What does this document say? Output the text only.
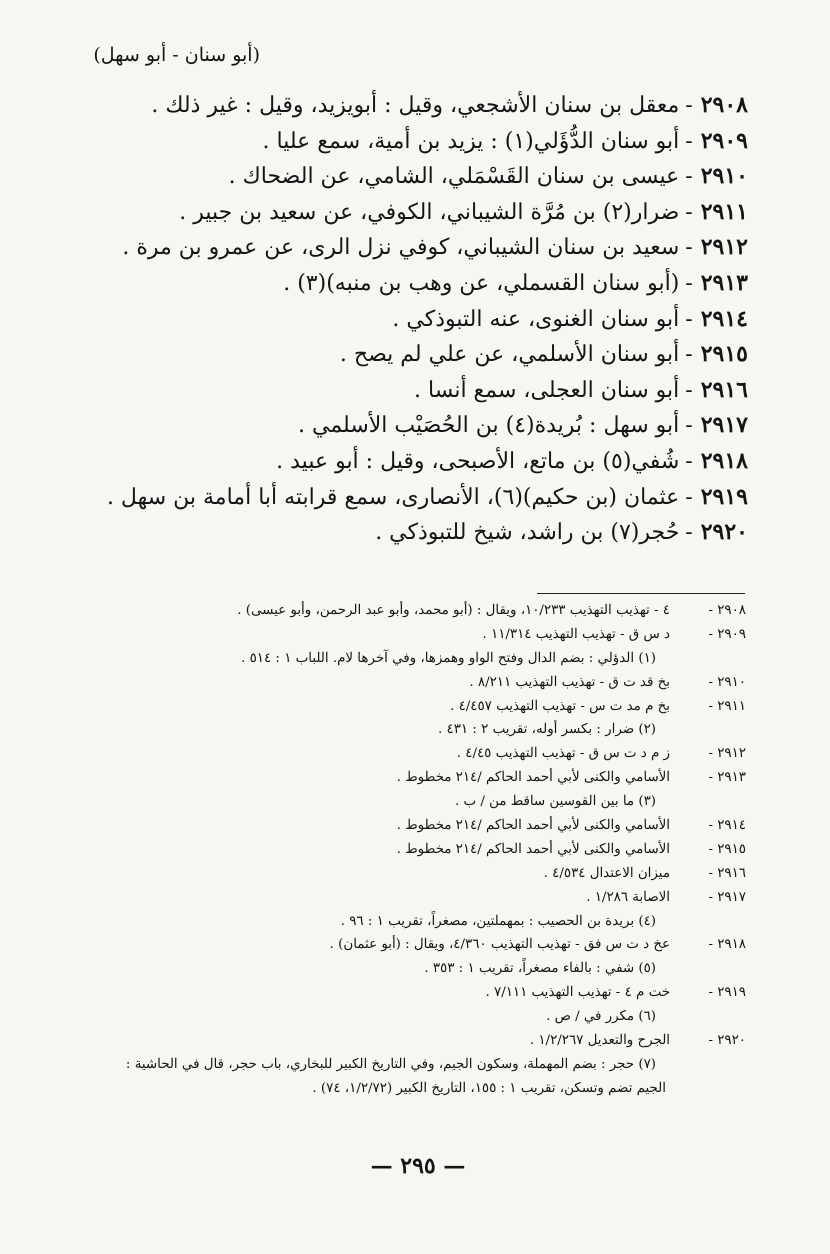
(أبو سنان - أبو سهل)
٢٩٠٨-معقل بن سنان الأشجعي، وقيل : أبويزيد، وقيل : غير ذلك .
٢٩٠٩-أبو سنان الدُّؤَلي(١) : يزيد بن أمية، سمع عليا .
٢٩١٠-عيسى بن سنان القَسْمَلي، الشامي، عن الضحاك .
٢٩١١-ضرار(٢) بن مُرَّة الشيباني، الكوفي، عن سعيد بن جبير .
٢٩١٢-سعيد بن سنان الشيباني، كوفي نزل الرى، عن عمرو بن مرة .
٢٩١٣-(أبو سنان القسملي، عن وهب بن منبه)(٣) .
٢٩١٤-أبو سنان الغنوى، عنه التبوذكي .
٢٩١٥-أبو سنان الأسلمي، عن علي لم يصح .
٢٩١٦-أبو سنان العجلى، سمع أنسا .
٢٩١٧-أبو سهل : بُريدة(٤) بن الحُصَيْب الأسلمي .
٢٩١٨-شُفي(٥) بن ماتع، الأصبحى، وقيل : أبو عبيد .
٢٩١٩-عثمان (بن حكيم)(٦)، الأنصارى، سمع قرابته أبا أمامة بن سهل .
٢٩٢٠-حُجر(٧) بن راشد، شيخ للتبوذكي .
٢٩٠٨ -
٤ - تهذيب التهذيب ١٠/٢٣٣، ويقال : (أبو محمد، وأبو عبد الرحمن، وأبو عيسى) .
٢٩٠٩ -
د س ق - تهذيب التهذيب ١١/٣١٤ .
(١) الدؤلي : بضم الدال وفتح الواو وهمزها، وفي آخرها لام. اللباب ١ : ٥١٤ .
٢٩١٠ -
بخ قد ت ق - تهذيب التهذيب ٨/٢١١ .
٢٩١١ -
بخ م مد ت س - تهذيب التهذيب ٤/٤٥٧ .
(٢) ضرار : بكسر أوله، تقريب ٢ : ٤٣١ .
٢٩١٢ -
ز م د ت س ق - تهذيب التهذيب ٤/٤٥ .
٢٩١٣ -
الأسامي والكنى لأبي أحمد الحاكم /٢١٤ مخطوط .
(٣) ما بين القوسين ساقط من / ب .
٢٩١٤ -
الأسامي والكنى لأبي أحمد الحاكم /٢١٤ مخطوط .
٢٩١٥ -
الأسامي والكنى لأبي أحمد الحاكم /٢١٤ مخطوط .
٢٩١٦ -
ميزان الاعتدال ٤/٥٣٤ .
٢٩١٧ -
الاصابة ١/٢٨٦ .
(٤) بريدة بن الحصيب : بمهملتين، مصغراً، تقريب ١ : ٩٦ .
٢٩١٨ -
عخ د ت س فق - تهذيب التهذيب ٤/٣٦٠، ويقال : (أبو عثمان) .
(٥) شفي : بالفاء مصغراً، تقريب ١ : ٣٥٣ .
٢٩١٩ -
خت م ٤ - تهذيب التهذيب ٧/١١١ .
(٦) مكرر في / ص .
٢٩٢٠ -
الجرح والتعديل ١/٢/٢٦٧ .
(٧) حجر : بضم المهملة، وسكون الجيم، وفي التاريخ الكبير للبخاري، باب حجر، قال في الحاشية :
الجيم تضم وتسكن، تقريب ١ : ١٥٥، التاريخ الكبير (١/٢/٧٢، ٧٤) .
— ٢٩٥ —
